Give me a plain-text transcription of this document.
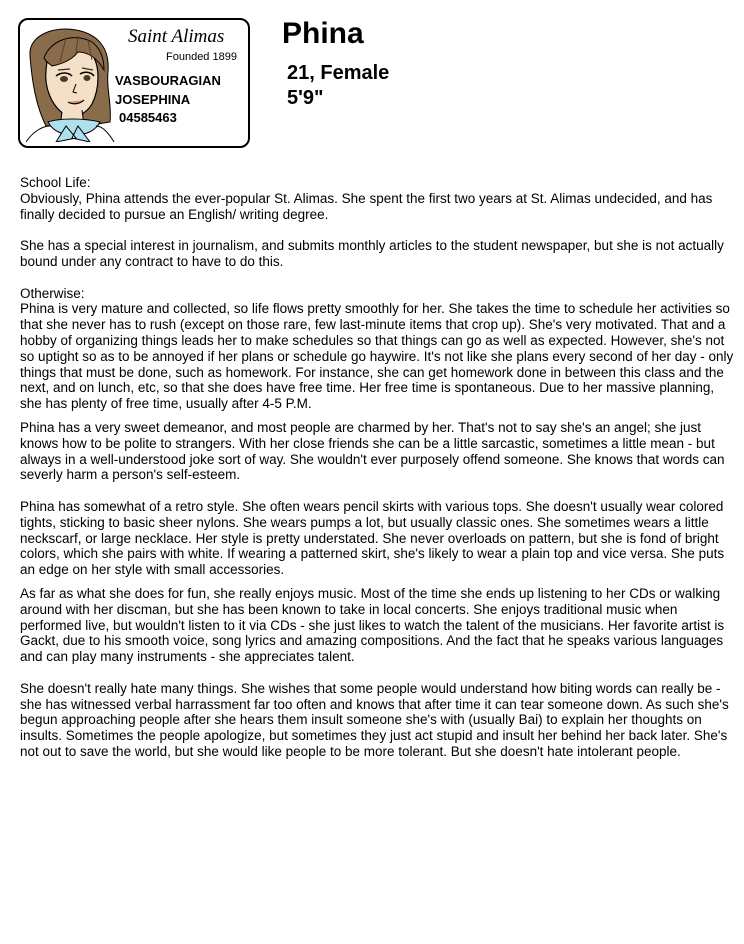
Saint Alimas
Founded 1899
VASBOURAGIAN
JOSEPHINA
04585463
Phina
21, Female
5'9"

School Life:

Obviously, Phina attends the ever-popular St. Alimas. She spent the first two years at St. Alimas undecided, and has finally decided to pursue an English/ writing degree.

She has a special interest in journalism, and submits monthly articles to the student newspaper, but she is not actually bound under any contract to have to do this.

Otherwise:

Phina is very mature and collected, so life flows pretty smoothly for her. She takes the time to schedule her activities so that she never has to rush (except on those rare, few last-minute items that crop up). She's very motivated. That and a hobby of organizing things leads her to make schedules so that things can go as well as expected. However, she's not so uptight so as to be annoyed if her plans or schedule go haywire. It's not like she plans every second of her day - only things that must be done, such as homework. For instance, she can get homework done in between this class and the next, and on lunch, etc, so that she does have free time. Her free time is spontaneous. Due to her massive planning, she has plenty of free time, usually after 4-5 P.M.

Phina has a very sweet demeanor, and most people are charmed by her. That's not to say she's an angel; she just knows how to be polite to strangers. With her close friends she can be a little sarcastic, sometimes a little mean - but always in a well-understood joke sort of way. She wouldn't ever purposely offend someone. She knows that words can severly harm a person's self-esteem.

Phina has somewhat of a retro style. She often wears pencil skirts with various tops. She doesn't usually wear colored tights, sticking to basic sheer nylons. She wears pumps a lot, but usually classic ones. She sometimes wears a little neckscarf, or large necklace. Her style is pretty understated. She never overloads on pattern, but she is fond of bright colors, which she pairs with white. If wearing a patterned skirt, she's likely to wear a plain top and vice versa. She puts an edge on her style with small accessories.

As far as what she does for fun, she really enjoys music. Most of the time she ends up listening to her CDs or walking around with her discman, but she has been known to take in local concerts. She enjoys traditional music when performed live, but wouldn't listen to it via CDs - she just likes to watch the talent of the musicians. Her favorite artist is Gackt, due to his smooth voice, song lyrics and amazing compositions. And the fact that he speaks various languages and can play many instruments - she appreciates talent.

She doesn't really hate many things. She wishes that some people would understand how biting words can really be - she has witnessed verbal harrassment far too often and knows that after time it can tear someone down. As such she's begun approaching people after she hears them insult someone she's with (usually Bai) to explain her thoughts on insults. Sometimes the people apologize, but sometimes they just act stupid and insult her behind her back later. She's not out to save the world, but she would like people to be more tolerant. But she doesn't hate intolerant people.
